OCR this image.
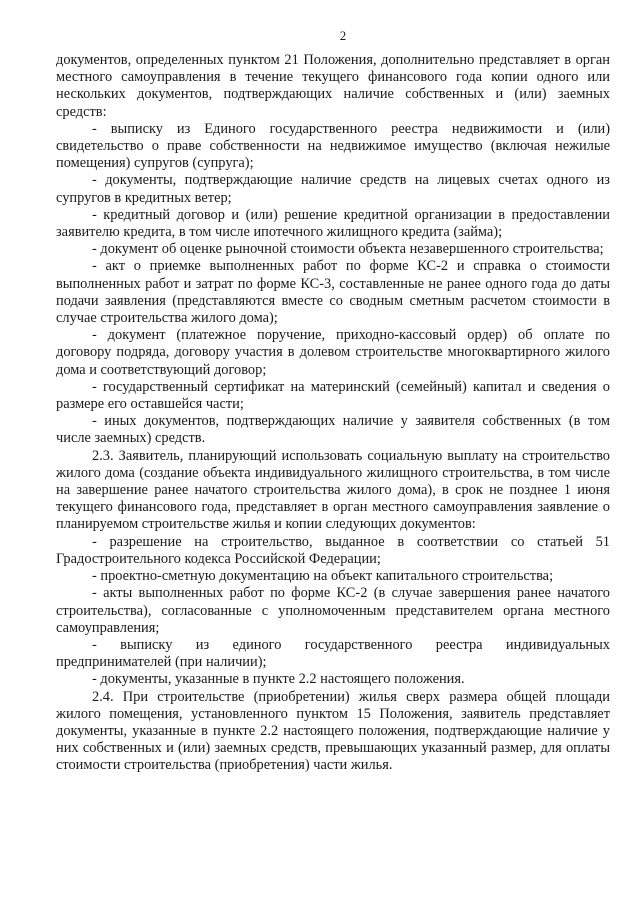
2

документов, определенных пунктом 21 Положения, дополнительно представляет в орган местного самоуправления в течение текущего финансового года копии одного или нескольких документов, подтверждающих наличие собственных и (или) заемных средств:

- выписку из Единого государственного реестра недвижимости и (или) свидетельство о праве собственности на недвижимое имущество (включая нежилые помещения) супругов (супруга);

- документы, подтверждающие наличие средств на лицевых счетах одного из супругов в кредитных ветер;

- кредитный договор и (или) решение кредитной организации в предоставлении заявителю кредита, в том числе ипотечного жилищного кредита (займа);

- документ об оценке рыночной стоимости объекта незавершенного строительства;

- акт о приемке выполненных работ по форме КС-2 и справка о стоимости выполненных работ и затрат по форме КС-3, составленные не ранее одного года до даты подачи заявления (представляются вместе со сводным сметным расчетом стоимости в случае строительства жилого дома);

- документ (платежное поручение, приходно-кассовый ордер) об оплате по договору подряда, договору участия в долевом строительстве многоквартирного жилого дома и соответствующий договор;

- государственный сертификат на материнский (семейный) капитал и сведения о размере его оставшейся части;

- иных документов, подтверждающих наличие у заявителя собственных (в том числе заемных) средств.

2.3. Заявитель, планирующий использовать социальную выплату на строительство жилого дома (создание объекта индивидуального жилищного строительства, в том числе на завершение ранее начатого строительства жилого дома), в срок не позднее 1 июня текущего финансового года, представляет в орган местного самоуправления заявление о планируемом строительстве жилья и копии следующих документов:

- разрешение на строительство, выданное в соответствии со статьей 51 Градостроительного кодекса Российской Федерации;

- проектно-сметную документацию на объект капитального строительства;

- акты выполненных работ по форме КС-2 (в случае завершения ранее начатого строительства), согласованные с уполномоченным представителем органа местного самоуправления;

- выписку из единого государственного реестра индивидуальных предпринимателей (при наличии);

- документы, указанные в пункте 2.2 настоящего положения.

2.4. При строительстве (приобретении) жилья сверх размера общей площади жилого помещения, установленного пунктом 15 Положения, заявитель представляет документы, указанные в пункте 2.2 настоящего положения, подтверждающие наличие у них собственных и (или) заемных средств, превышающих указанный размер, для оплаты стоимости строительства (приобретения) части жилья.
